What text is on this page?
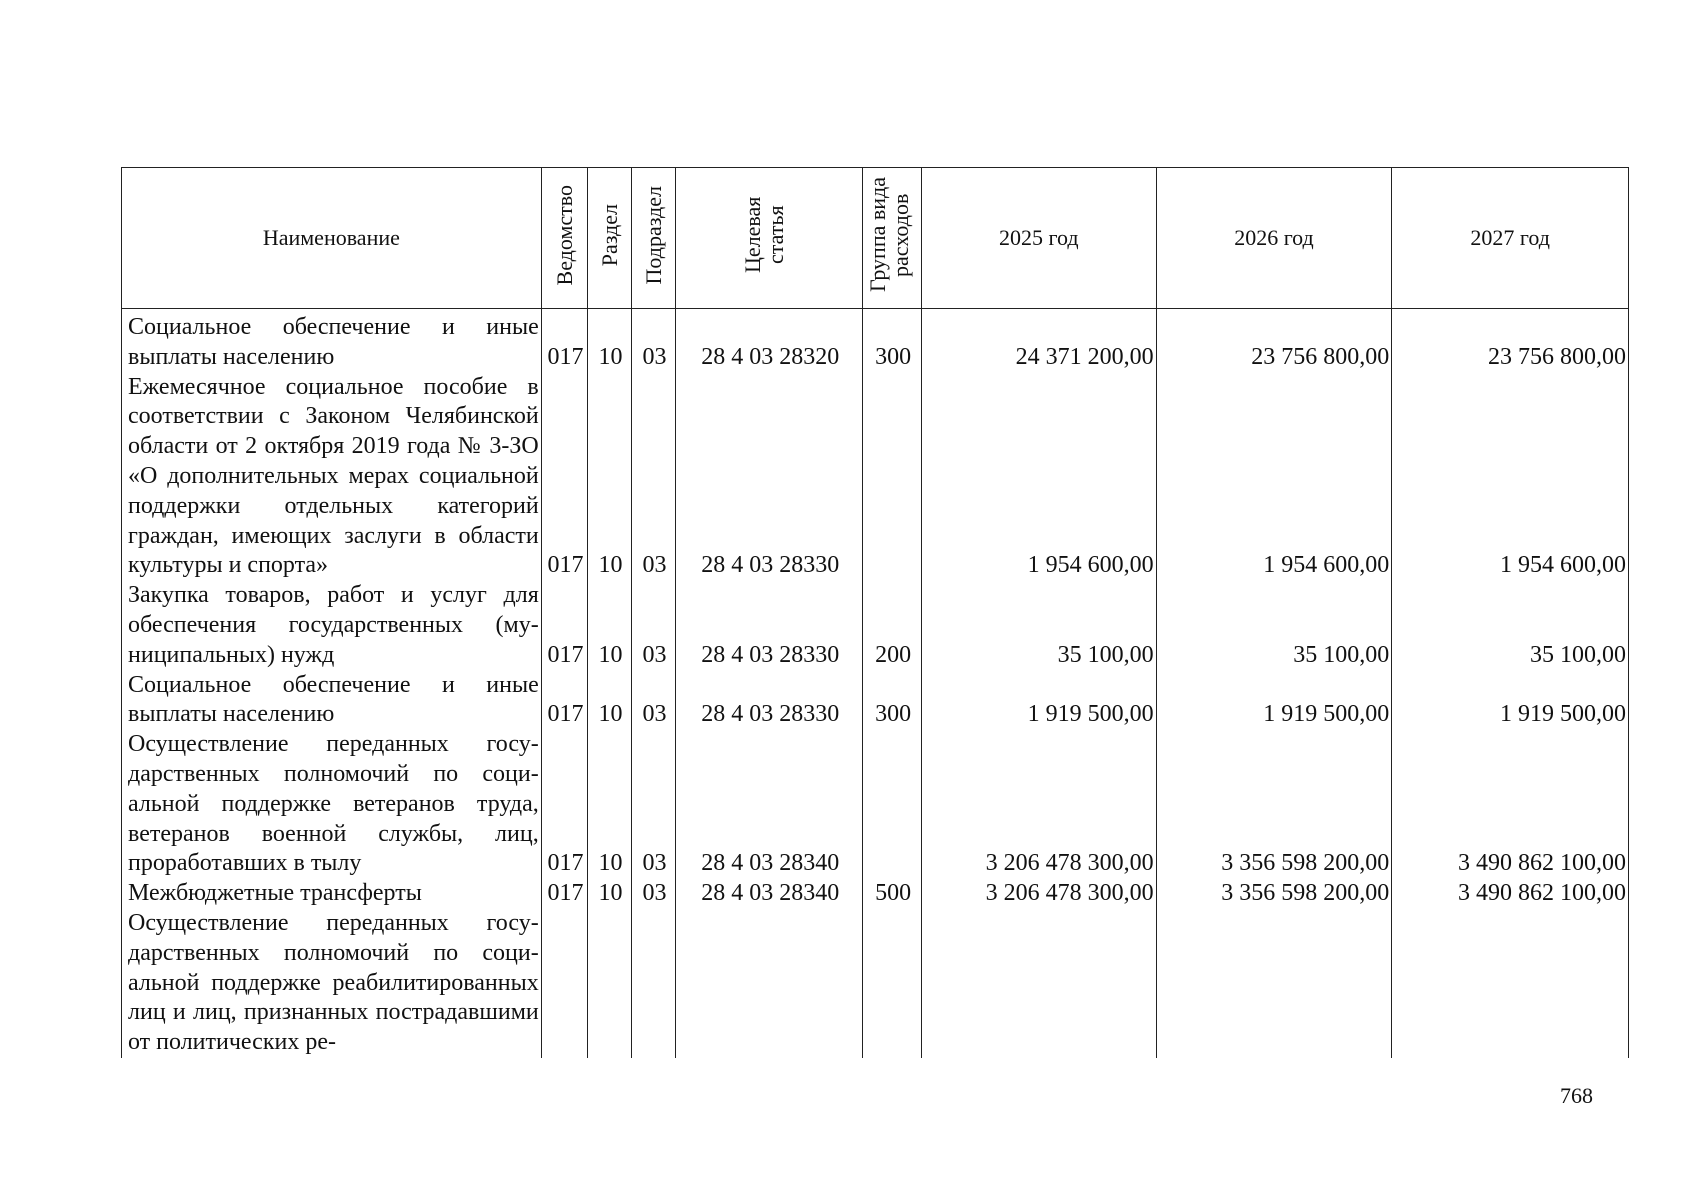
Наименование	Ведомство	Раздел	Подраздел	Целевая статья	Группа вида расходов	2025 год	2026 год	2027 год
Социальное обеспечение и иные выплаты населению	017	10	03	28 4 03 28320	300	24 371 200,00	23 756 800,00	23 756 800,00
Ежемесячное социальное пособие в соответствии с Законом Челябинской области от 2 октября 2019 года № 3-ЗО «О дополнительных мерах социальной поддержки отдельных категорий граждан, имеющих заслуги в области культуры и спорта»	017	10	03	28 4 03 28330		1 954 600,00	1 954 600,00	1 954 600,00
Закупка товаров, работ и услуг для обеспечения государственных (муниципальных) нужд	017	10	03	28 4 03 28330	200	35 100,00	35 100,00	35 100,00
Социальное обеспечение и иные выплаты населению	017	10	03	28 4 03 28330	300	1 919 500,00	1 919 500,00	1 919 500,00
Осуществление переданных государственных полномочий по социальной поддержке ветеранов труда, ветеранов военной службы, лиц, проработавших в тылу	017	10	03	28 4 03 28340		3 206 478 300,00	3 356 598 200,00	3 490 862 100,00
Межбюджетные трансферты	017	10	03	28 4 03 28340	500	3 206 478 300,00	3 356 598 200,00	3 490 862 100,00
Осуществление переданных государственных полномочий по социальной поддержке реабилитированных лиц и лиц, признанных пострадавшими от политических ре-								
768
